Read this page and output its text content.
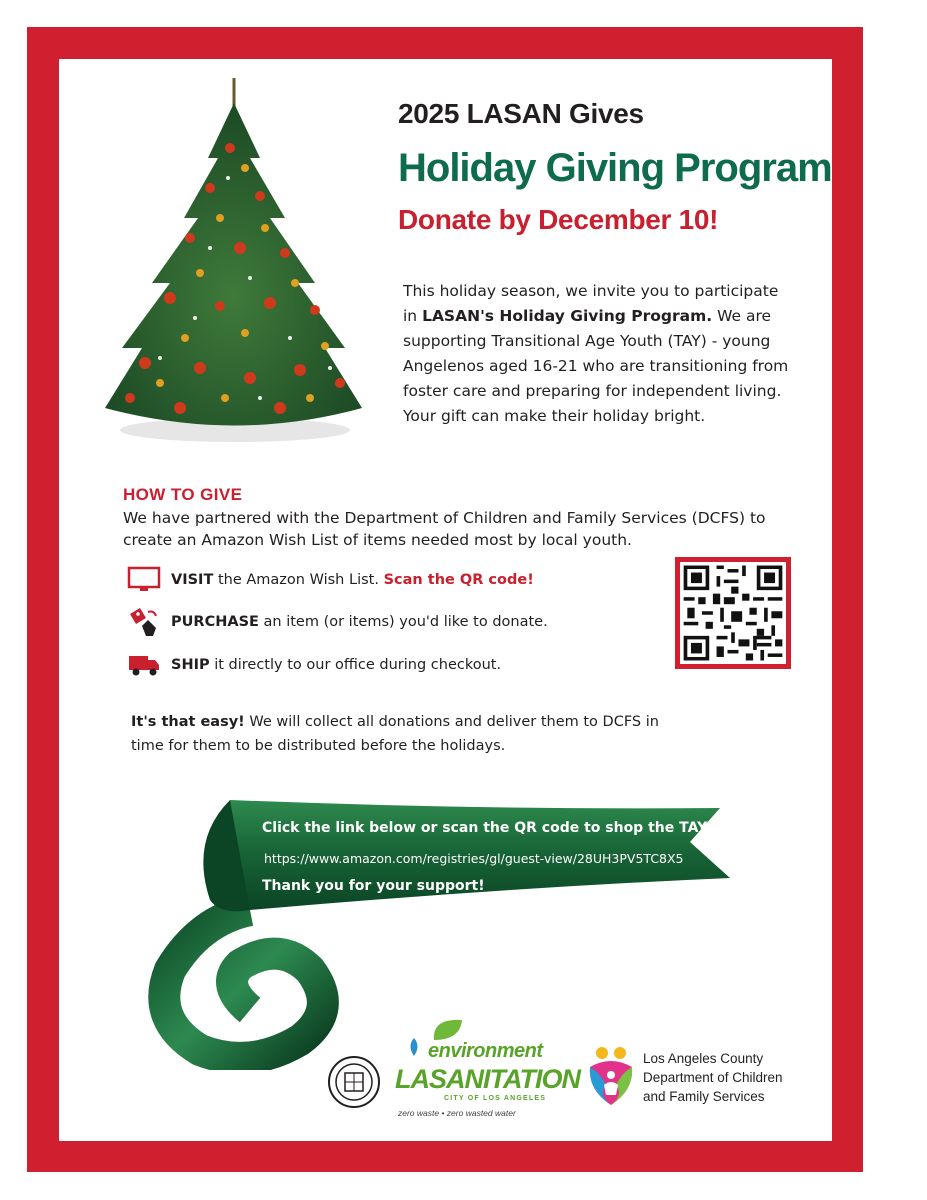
2025 LASAN Gives
Holiday Giving Program
Donate by December 10!
This holiday season, we invite you to participate in LASAN's Holiday Giving Program. We are supporting Transitional Age Youth (TAY) - young Angelenos aged 16-21 who are transitioning from foster care and preparing for independent living. Your gift can make their holiday bright.
HOW TO GIVE
We have partnered with the Department of Children and Family Services (DCFS) to create an Amazon Wish List of items needed most by local youth.
VISIT the Amazon Wish List. Scan the QR code!
PURCHASE an item (or items) you'd like to donate.
SHIP it directly to our office during checkout.
It's that easy! We will collect all donations and deliver them to DCFS in time for them to be distributed before the holidays.
Click the link below or scan the QR code to shop the TAY Wish List.
https://www.amazon.com/registries/gl/guest-view/28UH3PV5TC8X5
Thank you for your support!
environment
LASANITATION
CITY OF LOS ANGELES
zero waste • zero wasted water
Los Angeles County
Department of Children
and Family Services
